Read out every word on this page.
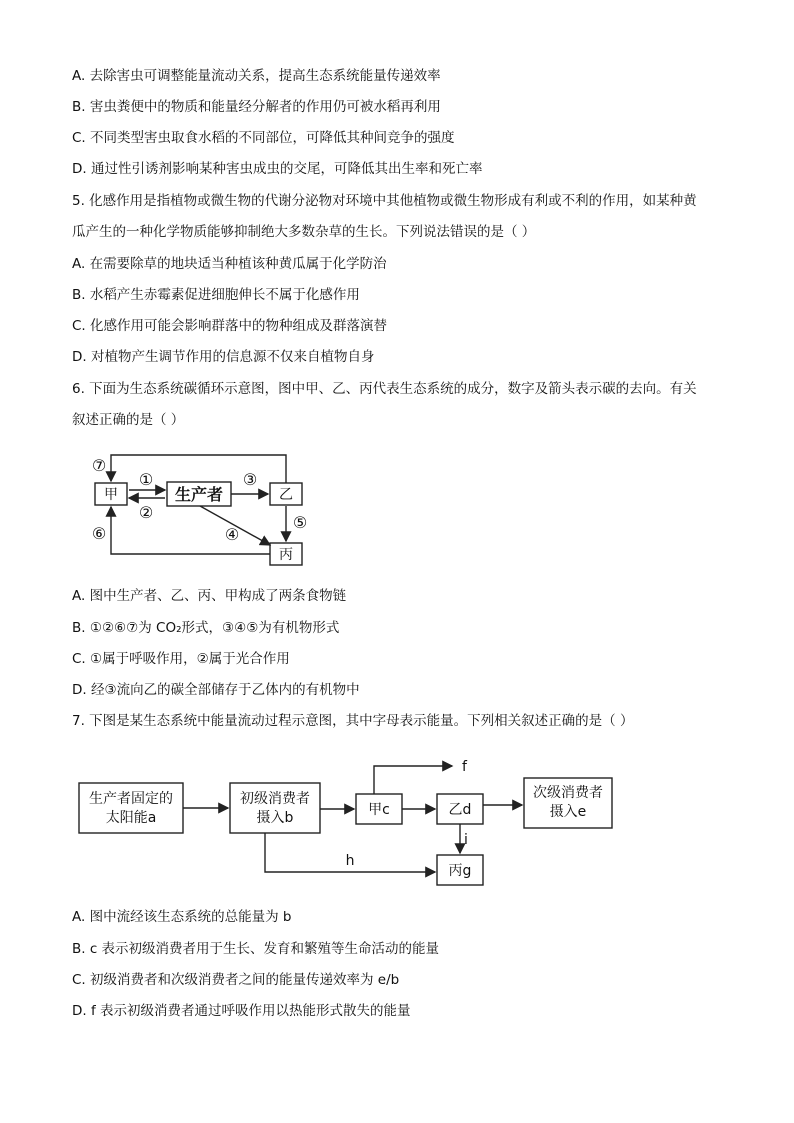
A. 去除害虫可调整能量流动关系，提高生态系统能量传递效率
B. 害虫粪便中的物质和能量经分解者的作用仍可被水稻再利用
C. 不同类型害虫取食水稻的不同部位，可降低其种间竞争的强度
D. 通过性引诱剂影响某种害虫成虫的交尾，可降低其出生率和死亡率
5. 化感作用是指植物或微生物的代谢分泌物对环境中其他植物或微生物形成有利或不利的作用，如某种黄
瓜产生的一种化学物质能够抑制绝大多数杂草的生长。下列说法错误的是（ ）
A. 在需要除草的地块适当种植该种黄瓜属于化学防治
B. 水稻产生赤霉素促进细胞伸长不属于化感作用
C. 化感作用可能会影响群落中的物种组成及群落演替
D. 对植物产生调节作用的信息源不仅来自植物自身
6. 下面为生态系统碳循环示意图，图中甲、乙、丙代表生态系统的成分，数字及箭头表示碳的去向。有关
叙述正确的是（ ）
甲	生产者	乙
丙
①
②
③
④
⑤
⑥
⑦
A. 图中生产者、乙、丙、甲构成了两条食物链
B. ①②⑥⑦为 CO₂形式，③④⑤为有机物形式
C. ①属于呼吸作用，②属于光合作用
D. 经③流向乙的碳全部储存于乙体内的有机物中
7. 下图是某生态系统中能量流动过程示意图，其中字母表示能量。下列相关叙述正确的是（ ）
生产者固定的
太阳能a
初级消费者
摄入b	甲c	乙d
次级消费者
摄入e
丙g
f
h
i
A. 图中流经该生态系统的总能量为 b
B. c 表示初级消费者用于生长、发育和繁殖等生命活动的能量
C. 初级消费者和次级消费者之间的能量传递效率为 e/b
D. f 表示初级消费者通过呼吸作用以热能形式散失的能量
